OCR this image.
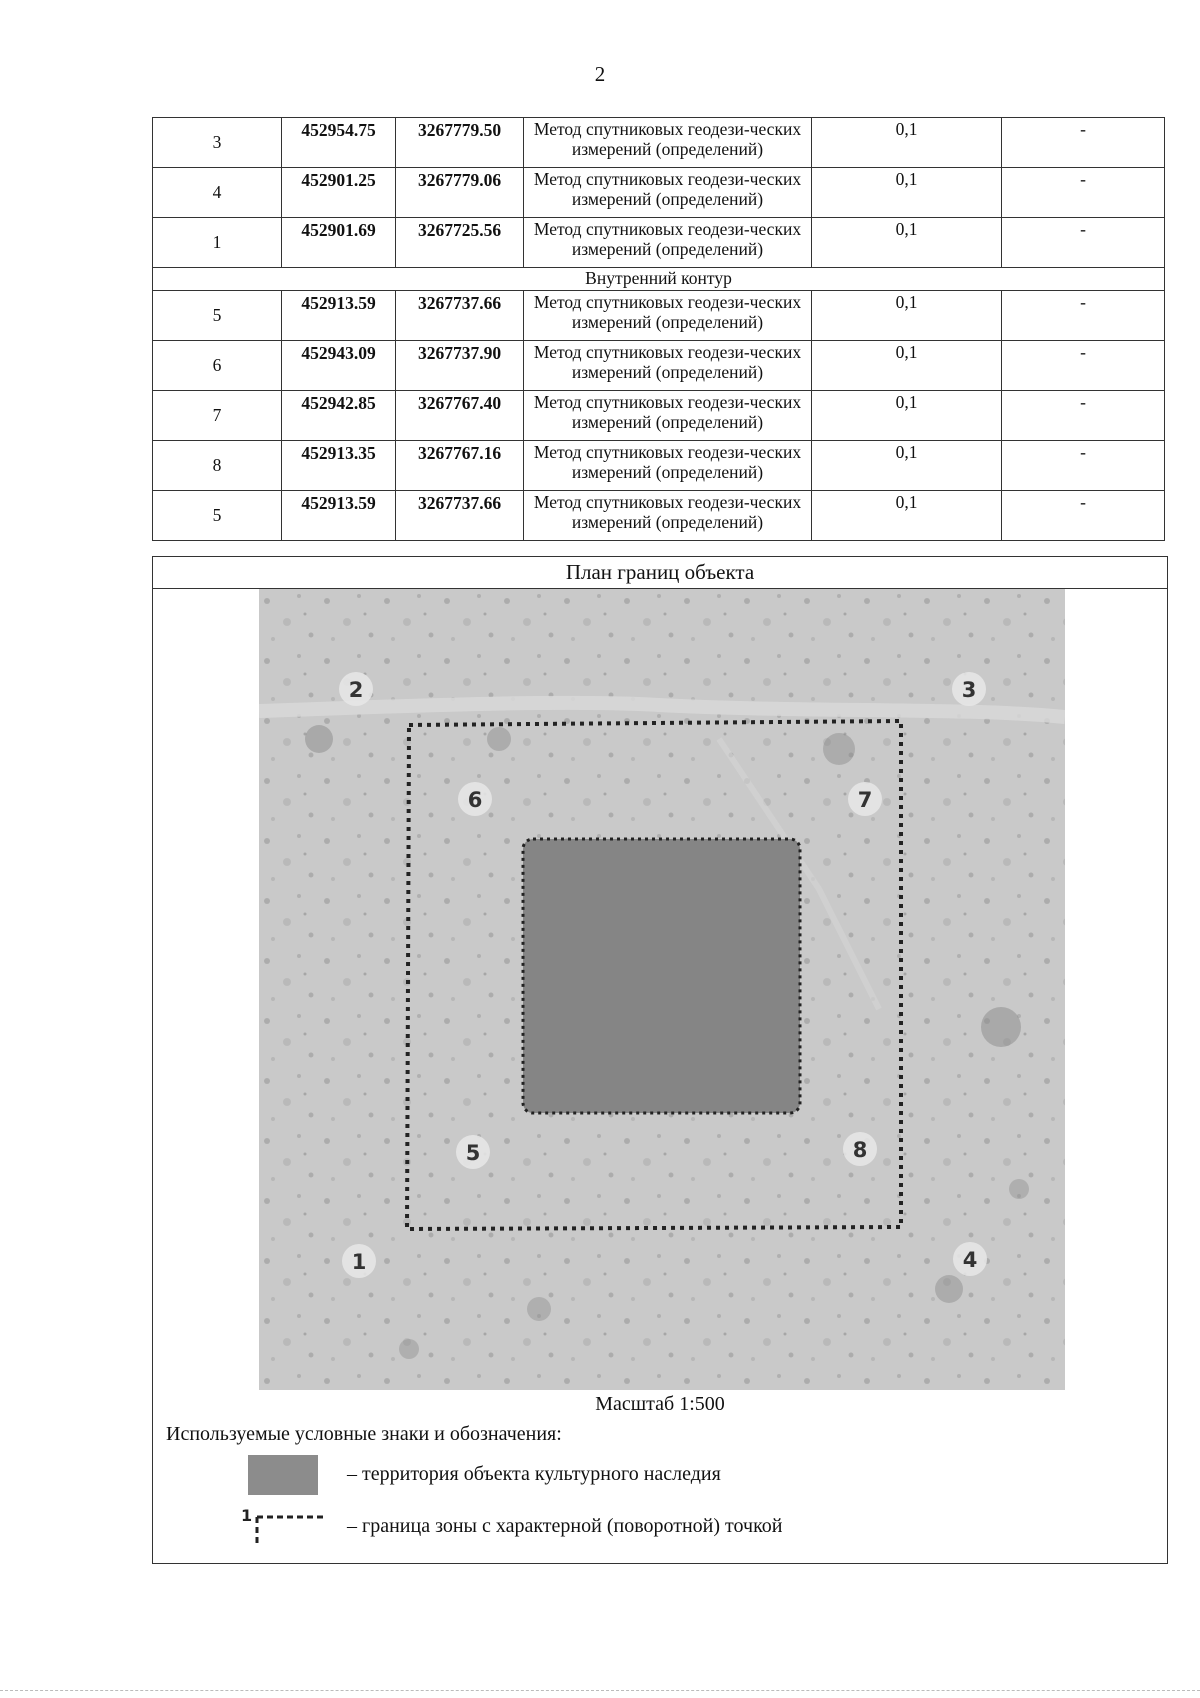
2
3	452954.75	3267779.50	Метод спутниковых геодези-ческих измерений (определений)	0,1	-
4	452901.25	3267779.06	Метод спутниковых геодези-ческих измерений (определений)	0,1	-
1	452901.69	3267725.56	Метод спутниковых геодези-ческих измерений (определений)	0,1	-
Внутренний контур					
5	452913.59	3267737.66	Метод спутниковых геодези-ческих измерений (определений)	0,1	-
6	452943.09	3267737.90	Метод спутниковых геодези-ческих измерений (определений)	0,1	-
7	452942.85	3267767.40	Метод спутниковых геодези-ческих измерений (определений)	0,1	-
8	452913.35	3267767.16	Метод спутниковых геодези-ческих измерений (определений)	0,1	-
5	452913.59	3267737.66	Метод спутниковых геодези-ческих измерений (определений)	0,1	-
План границ объекта
2	3
1	4
6	7
5	8
Масштаб 1:500
Используемые условные знаки и обозначения:
– территория объекта культурного наследия
1	– граница зоны с характерной (поворотной) точкой
